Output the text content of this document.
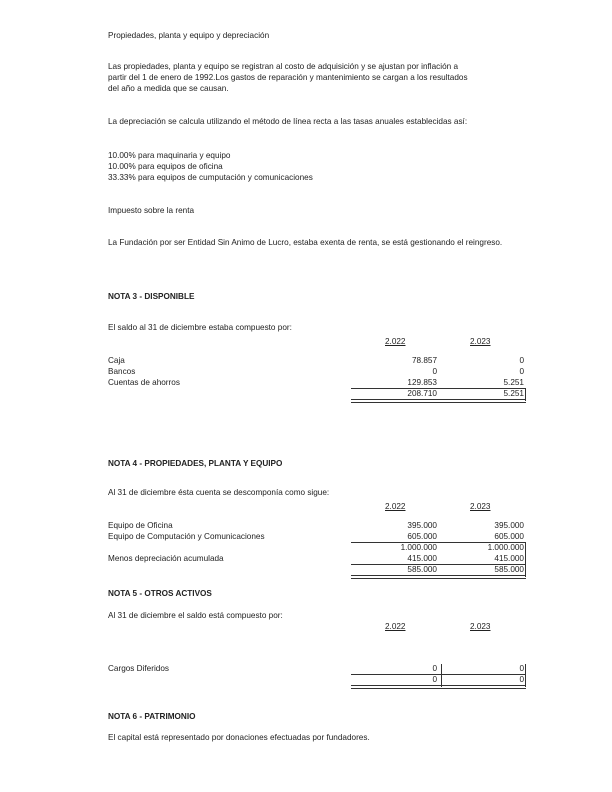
Propiedades, planta y equipo y depreciación
Las propiedades, planta y equipo se registran al costo de adquisición y se ajustan por inflación a
partir del 1 de enero de 1992.Los gastos de reparación y mantenimiento se cargan a los resultados
del año a medida que se causan.
La depreciación se calcula utilizando el método de línea recta a las tasas anuales establecidas así:
10.00% para maquinaria y equipo
10.00% para equipos de oficina
33.33% para equipos de cumputación y comunicaciones
Impuesto sobre la renta
La Fundación por ser Entidad Sin Animo de Lucro, estaba exenta de renta, se está gestionando el reingreso.
NOTA 3 - DISPONIBLE
El saldo al 31 de diciembre estaba compuesto por:
2.022	2.023
Caja	78.857	0
Bancos	0	0
Cuentas de ahorros	129.853	5.251
208.710	5.251
NOTA 4 - PROPIEDADES, PLANTA Y EQUIPO
Al 31 de diciembre ésta cuenta se descomponía como sigue:
2.022	2.023
Equipo de Oficina	395.000	395.000
Equipo de Computación y Comunicaciones	605.000	605.000
1.000.000	1.000.000
Menos depreciación acumulada	415.000	415.000
585.000	585.000
NOTA 5 - OTROS ACTIVOS
Al 31 de diciembre el saldo está compuesto por:
2.022	2.023
Cargos Diferidos	0	0
0	0
NOTA 6 - PATRIMONIO
El capital está representado por donaciones efectuadas por fundadores.
